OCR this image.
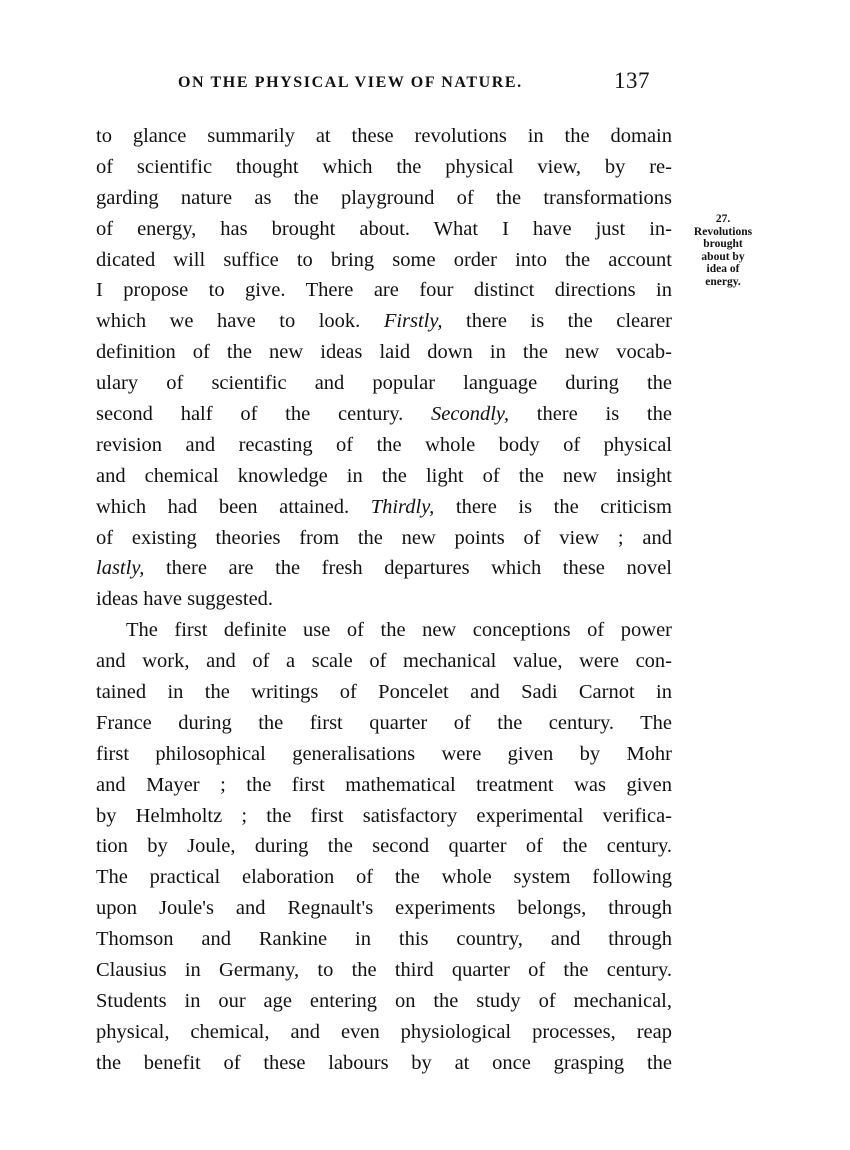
ON THE PHYSICAL VIEW OF NATURE.	137
27.
Revolutions
brought
about by
idea of
energy.
to glance summarily at these revolutions in the domain
of scientific thought which the physical view, by re-
garding nature as the playground of the transformations
of energy, has brought about. What I have just in-
dicated will suffice to bring some order into the account
I propose to give. There are four distinct directions in
which we have to look. Firstly, there is the clearer
definition of the new ideas laid down in the new vocab-
ulary of scientific and popular language during the
second half of the century. Secondly, there is the
revision and recasting of the whole body of physical
and chemical knowledge in the light of the new insight
which had been attained. Thirdly, there is the criticism
of existing theories from the new points of view ; and
lastly, there are the fresh departures which these novel
ideas have suggested.
The first definite use of the new conceptions of power
and work, and of a scale of mechanical value, were con-
tained in the writings of Poncelet and Sadi Carnot in
France during the first quarter of the century. The
first philosophical generalisations were given by Mohr
and Mayer ; the first mathematical treatment was given
by Helmholtz ; the first satisfactory experimental verifica-
tion by Joule, during the second quarter of the century.
The practical elaboration of the whole system following
upon Joule's and Regnault's experiments belongs, through
Thomson and Rankine in this country, and through
Clausius in Germany, to the third quarter of the century.
Students in our age entering on the study of mechanical,
physical, chemical, and even physiological processes, reap
the benefit of these labours by at once grasping the
